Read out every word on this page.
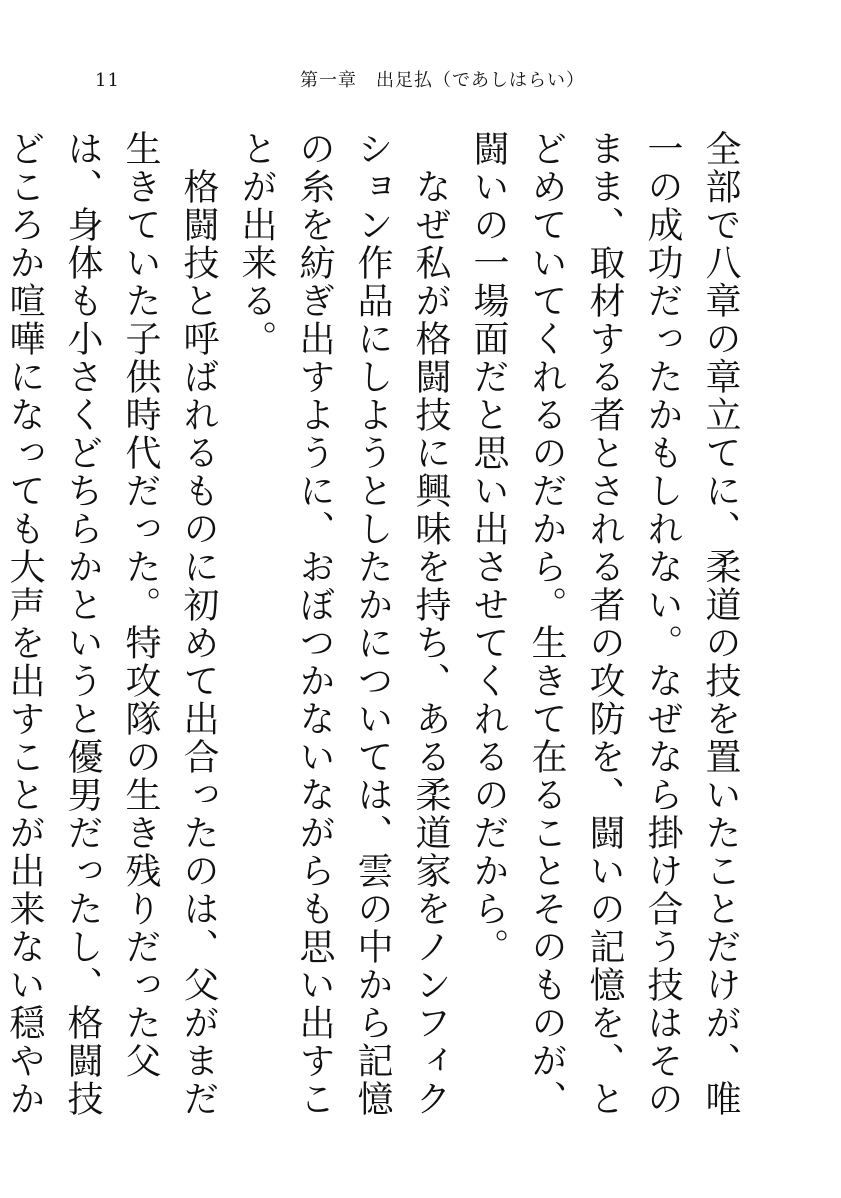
11	第一章　出足払（であしはらい）

全部で八章の章立てに、柔道の技を置いたことだけが、唯一の成功だったかもしれない。なぜなら掛け合う技はそのまま、取材する者とされる者の攻防を、闘いの記憶を、とどめていてくれるのだから。生きて在ることそのものが、闘いの一場面だと思い出させてくれるのだから。

　なぜ私が格闘技に興味を持ち、ある柔道家をノンフィクション作品にしようとしたかについては、雲の中から記憶の糸を紡ぎ出すように、おぼつかないながらも思い出すことが出来る。

　格闘技と呼ばれるものに初めて出合ったのは、父がまだ生きていた子供時代だった。特攻隊の生き残りだった父は、身体も小さくどちらかというと優男だったし、格闘技どころか喧嘩になっても大声を出すことが出来ない穏やか
